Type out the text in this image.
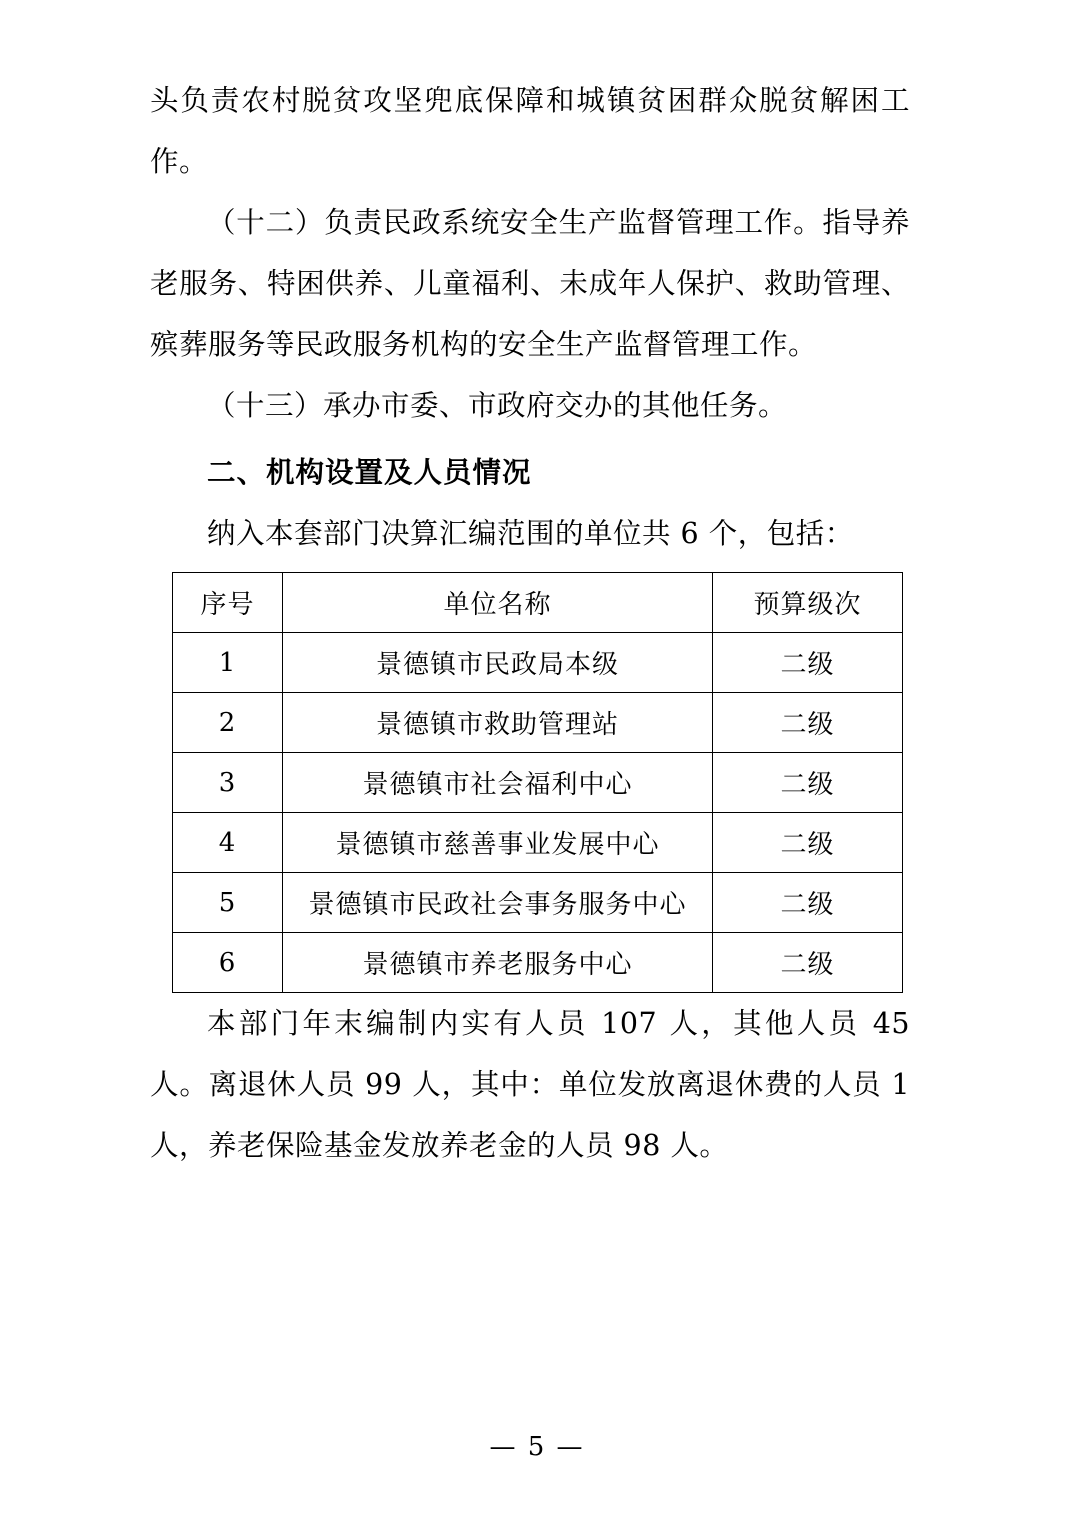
头负责农村脱贫攻坚兜底保障和城镇贫困群众脱贫解困工作。

（十二）负责民政系统安全生产监督管理工作。指导养老服务、特困供养、儿童福利、未成年人保护、救助管理、殡葬服务等民政服务机构的安全生产监督管理工作。

（十三）承办市委、市政府交办的其他任务。

二、机构设置及人员情况

纳入本套部门决算汇编范围的单位共 6 个，包括：

序号	单位名称	预算级次
1	景德镇市民政局本级	二级
2	景德镇市救助管理站	二级
3	景德镇市社会福利中心	二级
4	景德镇市慈善事业发展中心	二级
5	景德镇市民政社会事务服务中心	二级
6	景德镇市养老服务中心	二级

本部门年末编制内实有人员 107 人，其他人员 45 人。离退休人员 99 人，其中：单位发放离退休费的人员 1 人，养老保险基金发放养老金的人员 98 人。

— 5 —
